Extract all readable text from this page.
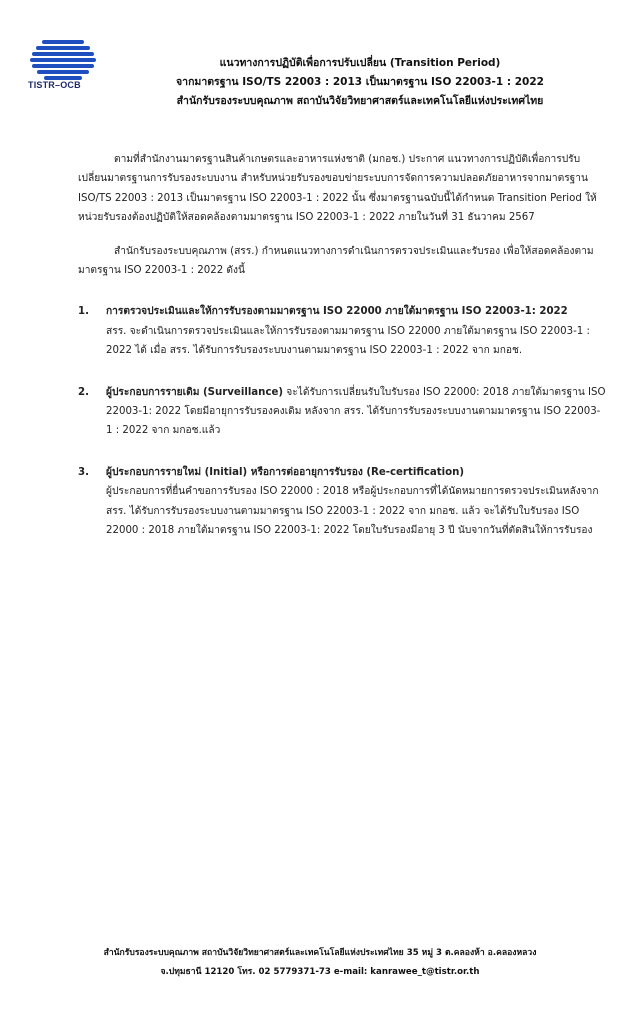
TISTR–OCB
แนวทางการปฏิบัติเพื่อการปรับเปลี่ยน (Transition Period)
จากมาตรฐาน ISO/TS 22003 : 2013 เป็นมาตรฐาน ISO 22003-1 : 2022
สำนักรับรองระบบคุณภาพ สถาบันวิจัยวิทยาศาสตร์และเทคโนโลยีแห่งประเทศไทย

ตามที่สำนักงานมาตรฐานสินค้าเกษตรและอาหารแห่งชาติ (มกอช.) ประกาศ แนวทางการปฏิบัติเพื่อการปรับเปลี่ยนมาตรฐานการรับรองระบบงาน สำหรับหน่วยรับรองขอบข่ายระบบการจัดการความปลอดภัยอาหารจากมาตรฐาน ISO/TS 22003 : 2013 เป็นมาตรฐาน ISO 22003-1 : 2022 นั้น ซึ่งมาตรฐานฉบับนี้ได้กำหนด Transition Period ให้หน่วยรับรองต้องปฏิบัติให้สอดคล้องตามมาตรฐาน ISO 22003-1 : 2022 ภายในวันที่ 31 ธันวาคม 2567

สำนักรับรองระบบคุณภาพ (สรร.) กำหนดแนวทางการดำเนินการตรวจประเมินและรับรอง เพื่อให้สอดคล้องตามมาตรฐาน ISO 22003-1 : 2022 ดังนี้

1. การตรวจประเมินและให้การรับรองตามมาตรฐาน ISO 22000 ภายใต้มาตรฐาน ISO 22003-1: 2022

สรร. จะดำเนินการตรวจประเมินและให้การรับรองตามมาตรฐาน ISO 22000 ภายใต้มาตรฐาน ISO 22003-1 : 2022 ได้ เมื่อ สรร. ได้รับการรับรองระบบงานตามมาตรฐาน ISO 22003-1 : 2022 จาก มกอช.

2. ผู้ประกอบการรายเดิม (Surveillance) จะได้รับการเปลี่ยนรับใบรับรอง ISO 22000: 2018 ภายใต้มาตรฐาน ISO 22003-1: 2022 โดยมีอายุการรับรองคงเดิม หลังจาก สรร. ได้รับการรับรองระบบงานตามมาตรฐาน ISO 22003-1 : 2022 จาก มกอช.แล้ว

3. ผู้ประกอบการรายใหม่ (Initial) หรือการต่ออายุการรับรอง (Re-certification)

ผู้ประกอบการที่ยื่นคำขอการรับรอง ISO 22000 : 2018 หรือผู้ประกอบการที่ได้นัดหมายการตรวจประเมินหลังจาก สรร. ได้รับการรับรองระบบงานตามมาตรฐาน ISO 22003-1 : 2022 จาก มกอช. แล้ว จะได้รับใบรับรอง ISO 22000 : 2018 ภายใต้มาตรฐาน ISO 22003-1: 2022 โดยใบรับรองมีอายุ 3 ปี นับจากวันที่ตัดสินให้การรับรอง

สำนักรับรองระบบคุณภาพ สถาบันวิจัยวิทยาศาสตร์และเทคโนโลยีแห่งประเทศไทย 35 หมู่ 3 ต.คลองห้า อ.คลองหลวง
จ.ปทุมธานี 12120 โทร. 02 5779371-73 e-mail: kanrawee_t@tistr.or.th
